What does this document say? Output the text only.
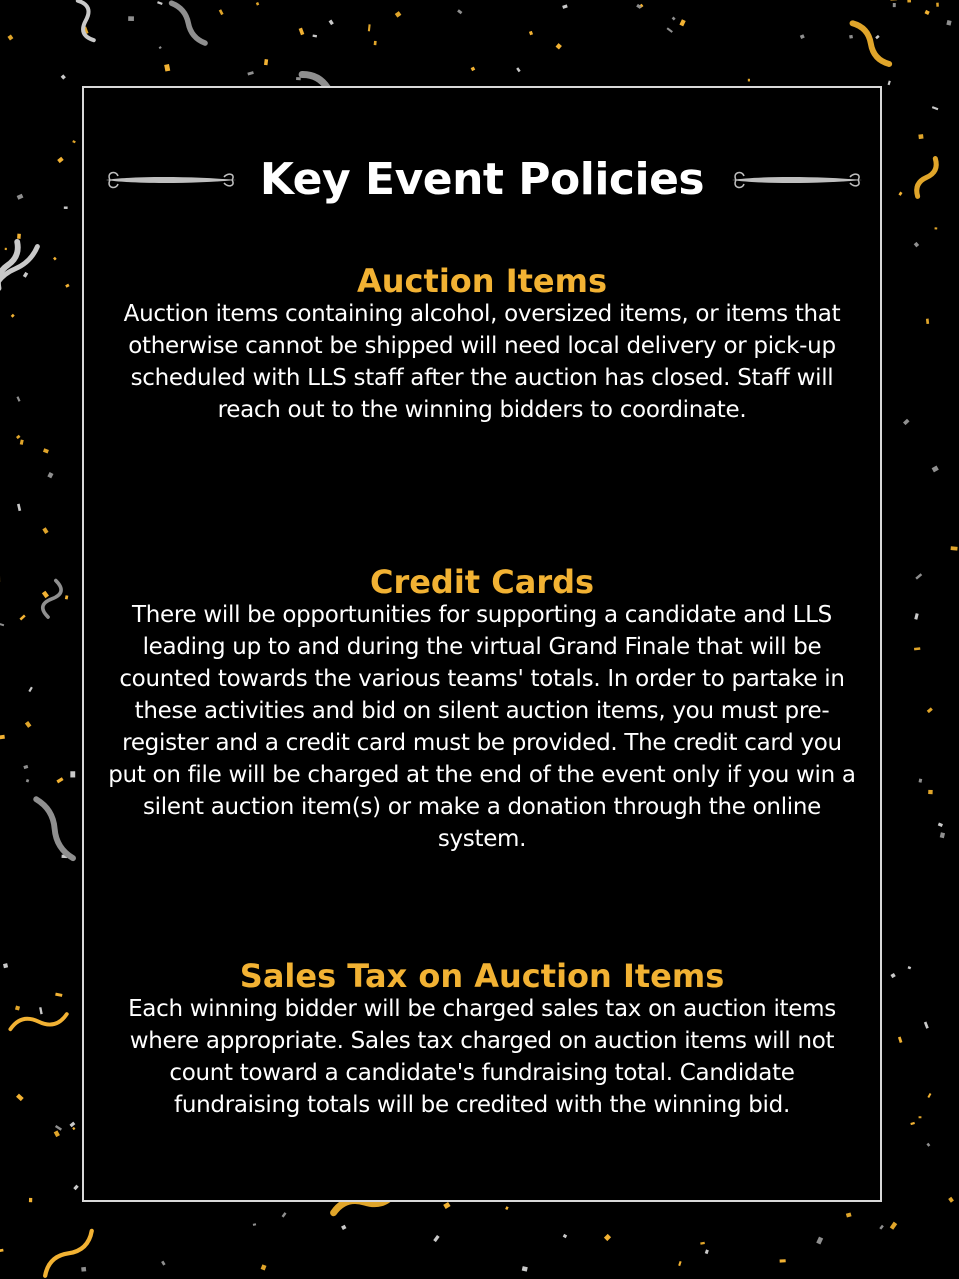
Key Event Policies
Auction Items

Auction items containing alcohol, oversized items, or items that otherwise cannot be shipped will need local delivery or pick-up scheduled with LLS staff after the auction has closed. Staff will reach out to the winning bidders to coordinate.

Credit Cards

There will be opportunities for supporting a candidate and LLS leading up to and during the virtual Grand Finale that will be counted towards the various teams' totals. In order to partake in these activities and bid on silent auction items, you must pre-register and a credit card must be provided. The credit card you put on file will be charged at the end of the event only if you win a silent auction item(s) or make a donation through the online system.

Sales Tax on Auction Items

Each winning bidder will be charged sales tax on auction items where appropriate. Sales tax charged on auction items will not count toward a candidate's fundraising total. Candidate fundraising totals will be credited with the winning bid.
